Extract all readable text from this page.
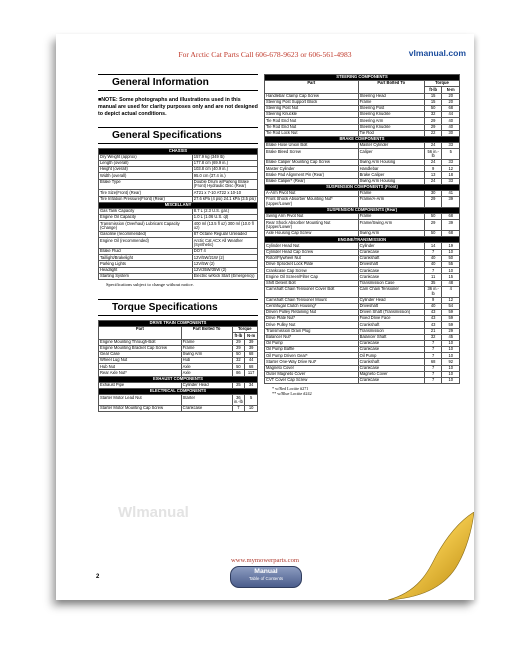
For Arctic Cat Parts Call 606-678-9623 or 606-561-4983	vlmanual.com
General Information
■NOTE: Some photographs and illustrations used in this manual are used for clarity purposes only and are not designed to depict actual conditions.
General Specifications
CHASSIS	
Dry Weight (approx)	157.9 kg (349 lb)
Length (overall)	177.8 cm (69.9 in.)
Height (overall)	103.8 cm (40.9 in.)
Width (overall)	95.0 cm (37.4 in.)
Brake Type	Double Drum w/Parking Brake (Front) Hydraulic Disc (Rear)
Tire Size(Front) (Rear)	AT21 x 7-10 AT22 x 10-10
Tire Inflation Pressure(Front) (Rear)	27.6 kPa (4 psi) 24.1 kPa (3.5 psi)
MISCELLANY	
Gas Tank Capacity	8.7 L (2.3 U.S. gal.)
Engine Oil Capacity	1.0 L (1.06 U.S. qt)
Transmission (Overhaul) Lubricant Capacity (Change)	400 ml (13.5 fl oz) 300 ml (10.0 fl oz)
Gasoline (recommended)	87 Octane Regular Unleaded
Engine Oil (recommended)	Arctic Cat ACX All Weather (Synthetic)
Brake Fluid	DOT 4
Taillight/Brakelight	12V/5W/21W (2)
Parking Lights	12V/5W (2)
Headlight	12V/35W/35W (2)
Starting System	Electric w/Kick Start (Emergency)
Specifications subject to change without notice.
Torque Specifications
DRIVE TRAIN COMPONENTS			
Part	Part Bolted To	Torque	
		ft-lb	N-m
Engine Mounting Through-Bolt	Frame	29	39
Engine Mounting Bracket Cap Screw	Frame	29	39
Gear Case	Swing Arm	50	68
Wheel Lug Nut	Hub	32	44
Hub Nut	Axle	50	68
Rear Axle Nut*	Axle	86	117
EXHAUST COMPONENTS			
Exhaust Pipe	Cylinder Head	25	34
ELECTRICAL COMPONENTS			
Starter Motor Lead Nut	Starter	36 in.-lb	5
Starter Motor Mounting Cap Screw	Crankcase	7	10
STEERING COMPONENTS			
Part	Part Bolted To	Torque	
		ft-lb	N-m
Handlebar Clamp Cap Screw	Steering Head	15	20
Steering Post Support Block	Frame	15	20
Steering Post Nut	Steering Post	50	68
Steering Knuckle	Steering Knuckle	32	44
Tie Rod End Nut	Steering Arm	29	40
Tie Rod End Nut	Steering Knuckle	29	40
Tie Rod Lock Nut	Tie Rod	22	30
BRAKE COMPONENTS			
Brake Hose Union Bolt	Master Cylinder	24	33
Brake Bleed Screw	Caliper	56 in.-lb	5
Brake Caliper Mounting Cap Screw	Swing Arm Housing	24	33
Master Cylinder	Handlebar	9	12
Brake Pad Alignment Pin (Rear)	Brake Caliper	13	18
Brake Caliper* (Rear)	Swing Arm Housing	24	33
SUSPENSION COMPONENTS (Front)			
A-Arm Pivot Nut	Frame	30	41
Front Shock Absorber Mounting Nut* (Upper/Lower)	Frame/A-Arm	29	39
SUSPENSION COMPONENTS (Rear)			
Swing Arm Pivot Nut	Frame	50	68
Rear Shock Absorber Mounting Nut (Upper/Lower)	Frame/Swing Arm	29	39
Axle Housing Cap Screw	Swing Arm	50	68
ENGINE/TRANSMISSION			
Cylinder Head Nut	Cylinder	14	19
Cylinder Head Cap Screw	Crankcase	7	10
Rotor/Flywheel Nut	Crankshaft	40	50
Drive Sprocket Lock Plate	Driveshaft	40	55
Crankcase Cap Screw	Crankcase	7	10
Engine Oil Screen/Filter Cap	Crankcase	11	15
Shift Detent Bolt	Transmission Case	35	48
Camshaft Chain Tensioner Cover Bolt	Cam Chain Tensioner	36 in.-lb	4
Camshaft Chain Tensioner Mount	Cylinder Head	9	12
Centrifugal Clutch Housing*	Driveshaft	40	54
Driven Pulley Retaining Nut	Driven Shaft (Transmission)	43	59
Drive Plate Nut*	Fixed Drive Face	43	59
Drive Pulley Nut	Crankshaft	43	59
Transmission Drain Plug	Transmission	21	29
Balancer Nut*	Balancer Shaft	32	45
Oil Pump	Crankcase	7	10
Oil Pump Baffle	Crankcase	7	10
Oil Pump Driven Gear*	Oil Pump	7	10
Starter One-Way Drive Nut*	Crankshaft	68	92
Magneto Cover	Crankcase	7	10
Outer Magneto Cover	Magneto Cover	7	10
CVT Cover Cap Screw	Crankcase	7	10
* w/Red Loctite #271
** w/Blue Loctite #242
Wlmanual
www.mymowerparts.com
2
Manual
Table of Contents
